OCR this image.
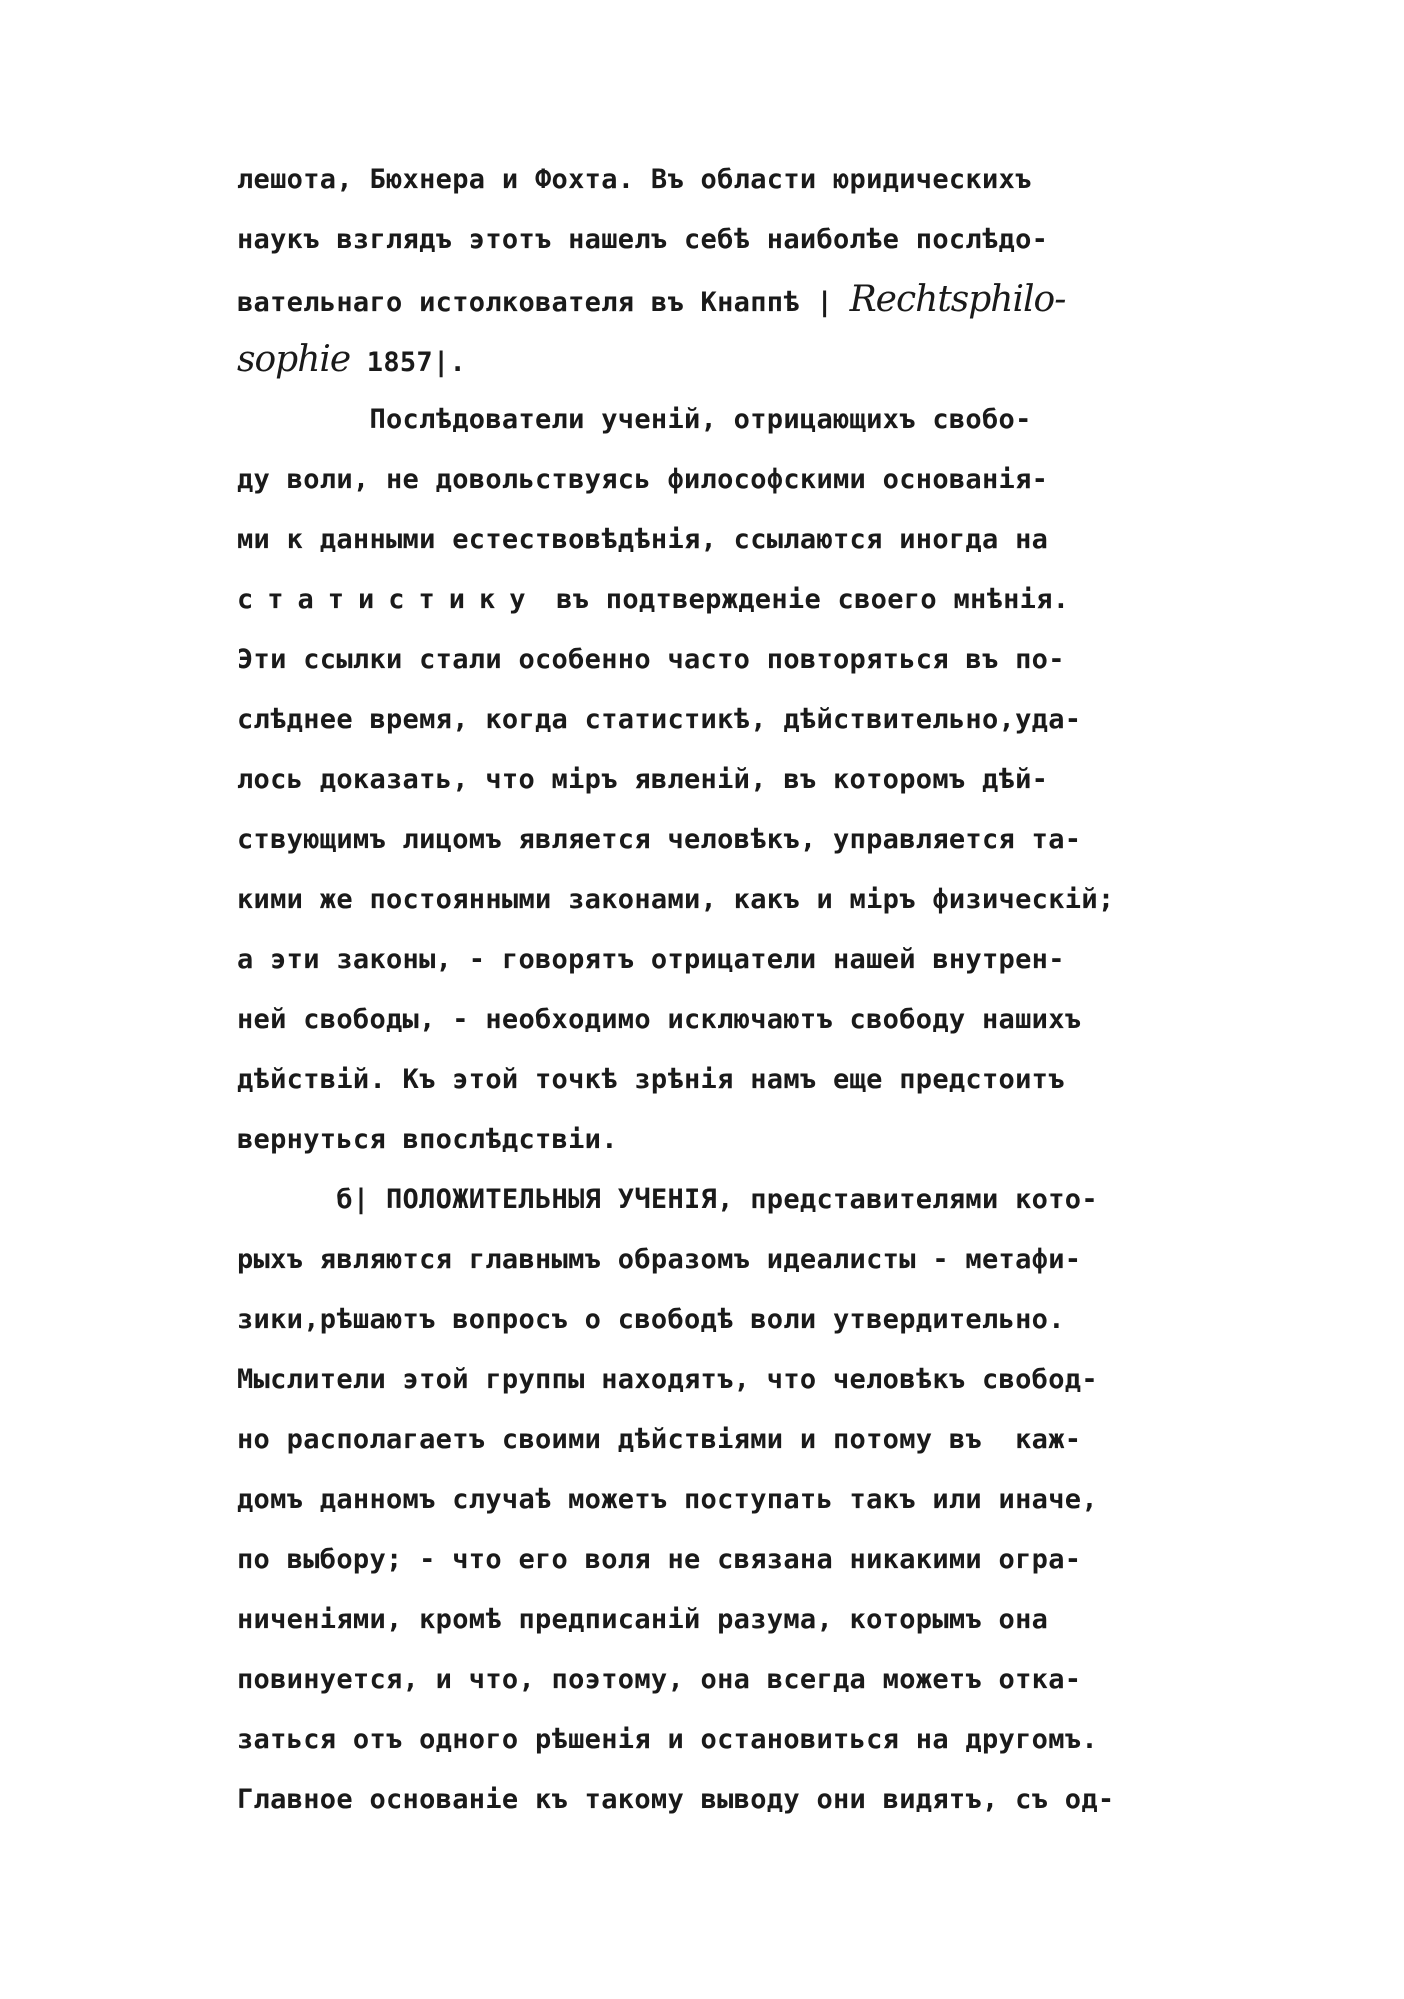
лешота, Бюхнера и Фохта. Въ области юридическихъ
наукъ взглядъ этотъ нашелъ себѣ наиболѣе послѣдо-
вательнаго истолкователя въ Кнаппѣ | Rechtsphilo-
sophie 1857|.
Послѣдователи ученій, отрицающихъ свобо-
ду воли, не довольствуясь философскими основанія-
ми к данными естествовѣдѣнія, ссылаются иногда на
статистику въ подтвержденіе своего мнѣнія.
Эти ссылки стали особенно часто повторяться въ по-
слѣднее время, когда статистикѣ, дѣйствительно,уда-
лось доказать, что міръ явленій, въ которомъ дѣй-
ствующимъ лицомъ является человѣкъ, управляется та-
кими же постоянными законами, какъ и міръ физическій;
а эти законы, - говорятъ отрицатели нашей внутрен-
ней свободы, - необходимо исключаютъ свободу нашихъ
дѣйствій. Къ этой точкѣ зрѣнія намъ еще предстоитъ
вернуться впослѣдствіи.
б| ПОЛОЖИТЕЛЬНЫЯ УЧЕНІЯ, представителями кото-
рыхъ являются главнымъ образомъ идеалисты - метафи-
зики,рѣшаютъ вопросъ о свободѣ воли утвердительно.
Мыслители этой группы находятъ, что человѣкъ свобод-
но располагаетъ своими дѣйствіями и потому въ  каж-
домъ данномъ случаѣ можетъ поступать такъ или иначе,
по выбору; - что его воля не связана никакими огра-
ниченіями, кромѣ предписаній разума, которымъ она
повинуется, и что, поэтому, она всегда можетъ отка-
заться отъ одного рѣшенія и остановиться на другомъ.
Главное основаніе къ такому выводу они видятъ, съ од-
